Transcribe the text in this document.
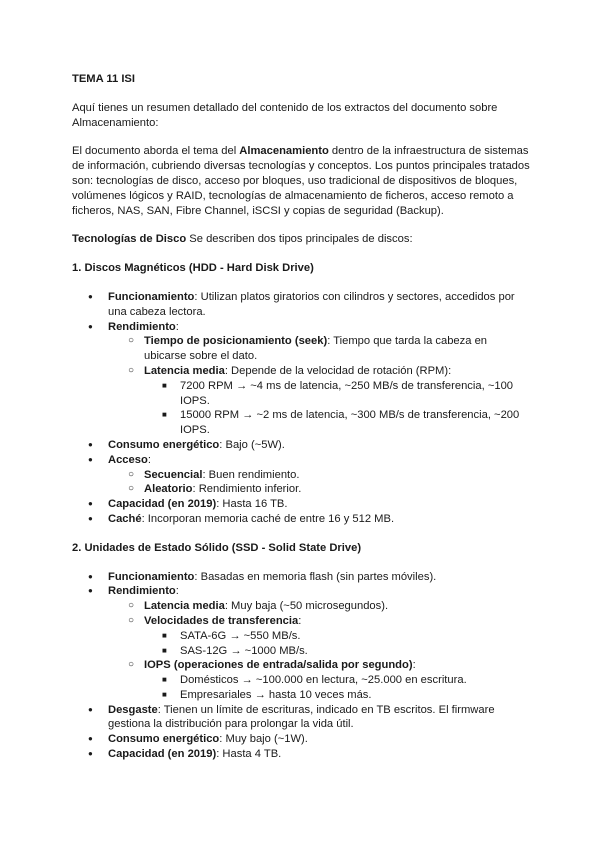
TEMA 11 ISI

Aquí tienes un resumen detallado del contenido de los extractos del documento sobre Almacenamiento:

El documento aborda el tema del Almacenamiento dentro de la infraestructura de sistemas de información, cubriendo diversas tecnologías y conceptos. Los puntos principales tratados son: tecnologías de disco, acceso por bloques, uso tradicional de dispositivos de bloques, volúmenes lógicos y RAID, tecnologías de almacenamiento de ficheros, acceso remoto a ficheros, NAS, SAN, Fibre Channel, iSCSI y copias de seguridad (Backup).

Tecnologías de Disco Se describen dos tipos principales de discos:

1. Discos Magnéticos (HDD - Hard Disk Drive)

● Funcionamiento: Utilizan platos giratorios con cilindros y sectores, accedidos por una cabeza lectora.
● Rendimiento:
○ Tiempo de posicionamiento (seek): Tiempo que tarda la cabeza en ubicarse sobre el dato.
○ Latencia media: Depende de la velocidad de rotación (RPM):
■ 7200 RPM → ~4 ms de latencia, ~250 MB/s de transferencia, ~100 IOPS.
■ 15000 RPM → ~2 ms de latencia, ~300 MB/s de transferencia, ~200 IOPS.
● Consumo energético: Bajo (~5W).
● Acceso:
○ Secuencial: Buen rendimiento.
○ Aleatorio: Rendimiento inferior.
● Capacidad (en 2019): Hasta 16 TB.
● Caché: Incorporan memoria caché de entre 16 y 512 MB.

2. Unidades de Estado Sólido (SSD - Solid State Drive)

● Funcionamiento: Basadas en memoria flash (sin partes móviles).
● Rendimiento:
○ Latencia media: Muy baja (~50 microsegundos).
○ Velocidades de transferencia:
■ SATA-6G → ~550 MB/s.
■ SAS-12G → ~1000 MB/s.
○ IOPS (operaciones de entrada/salida por segundo):
■ Domésticos → ~100.000 en lectura, ~25.000 en escritura.
■ Empresariales → hasta 10 veces más.
● Desgaste: Tienen un límite de escrituras, indicado en TB escritos. El firmware gestiona la distribución para prolongar la vida útil.
● Consumo energético: Muy bajo (~1W).
● Capacidad (en 2019): Hasta 4 TB.
